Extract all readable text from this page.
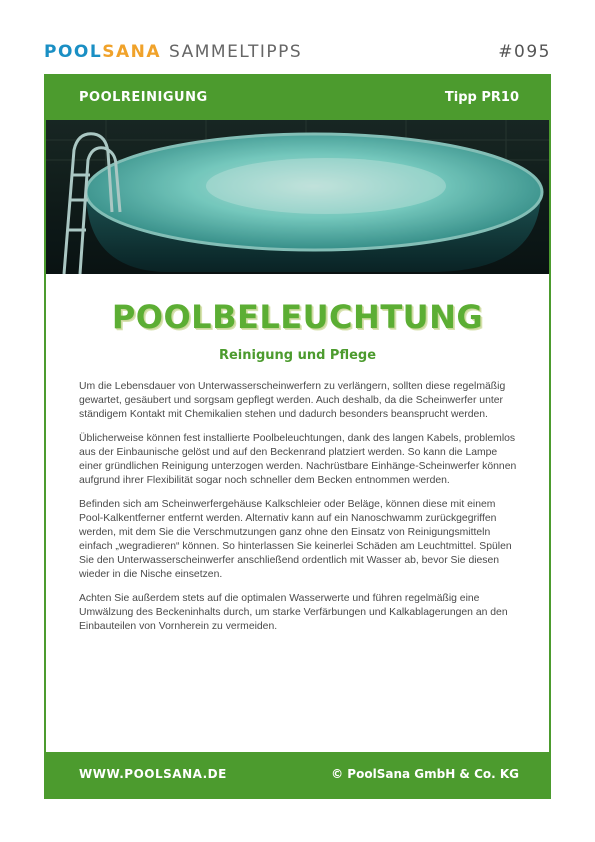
POOLSANA SAMMELTIPPS	#095
POOLREINIGUNG	Tipp PR10
POOLBELEUCHTUNG
Reinigung und Pflege

Um die Lebensdauer von Unterwasserscheinwerfern zu verlängern, sollten diese regelmäßig gewartet, gesäubert und sorgsam gepflegt werden. Auch deshalb, da die Scheinwerfer unter ständigem Kontakt mit Chemikalien stehen und dadurch besonders beansprucht werden.

Üblicherweise können fest installierte Poolbeleuchtungen, dank des langen Kabels, problemlos aus der Einbaunische gelöst und auf den Beckenrand platziert werden. So kann die Lampe einer gründlichen Reinigung unterzogen werden. Nachrüstbare Einhänge-Scheinwerfer können aufgrund ihrer Flexibilität sogar noch schneller dem Becken entnommen werden.

Befinden sich am Scheinwerfergehäuse Kalkschleier oder Beläge, können diese mit einem Pool-Kalkentferner entfernt werden. Alternativ kann auf ein Nanoschwamm zurückgegriffen werden, mit dem Sie die Verschmutzungen ganz ohne den Einsatz von Reinigungsmitteln einfach „wegradieren“ können. So hinterlassen Sie keinerlei Schäden am Leuchtmittel. Spülen Sie den Unterwasserscheinwerfer anschließend ordentlich mit Wasser ab, bevor Sie diesen wieder in die Nische einsetzen.

Achten Sie außerdem stets auf die optimalen Wasserwerte und führen regelmäßig eine Umwälzung des Beckeninhalts durch, um starke Verfärbungen und Kalkablagerungen an den Einbauteilen von Vornherein zu vermeiden.

WWW.POOLSANA.DE	© PoolSana GmbH & Co. KG
